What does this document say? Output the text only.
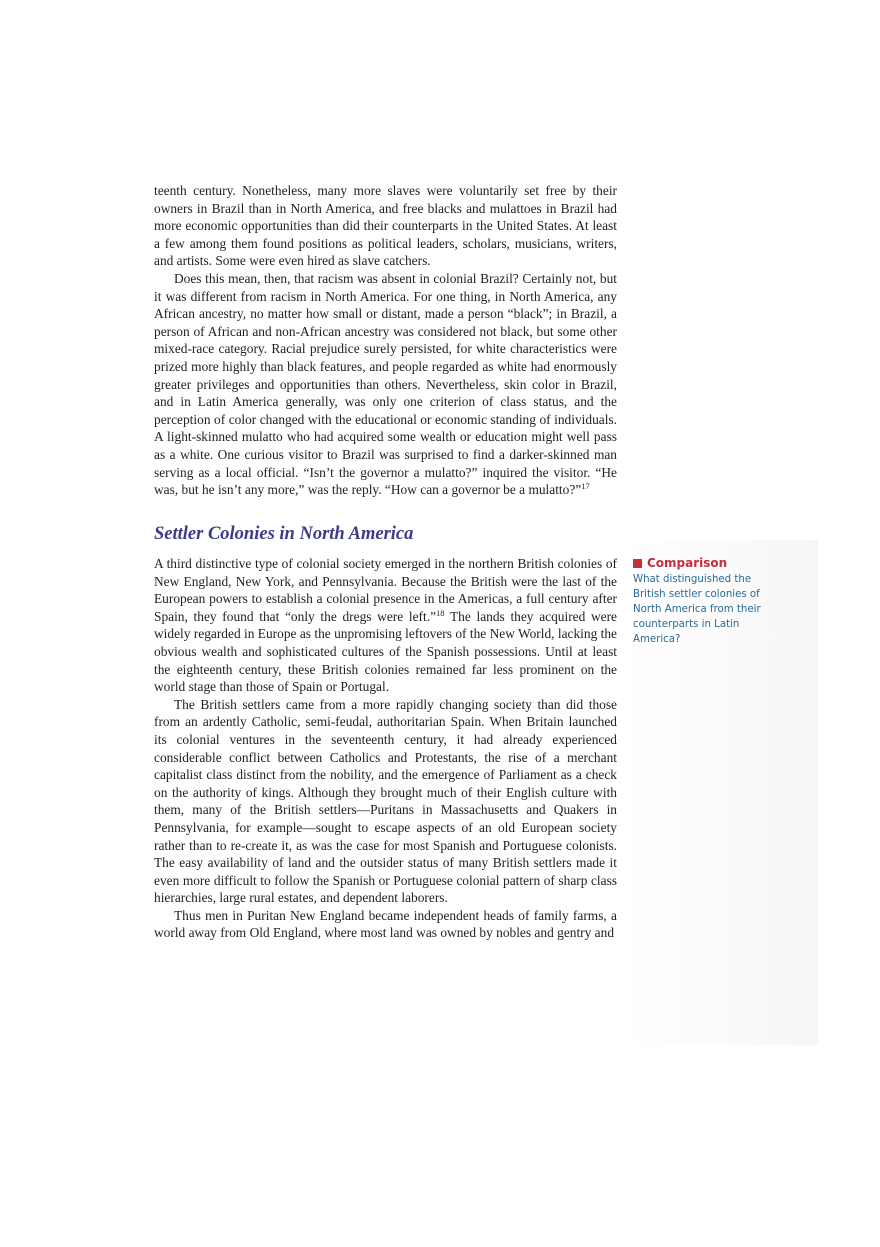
teenth century. Nonetheless, many more slaves were voluntarily set free by their owners in Brazil than in North America, and free blacks and mulattoes in Brazil had more economic opportunities than did their counterparts in the United States. At least a few among them found positions as political leaders, scholars, musicians, writers, and artists. Some were even hired as slave catchers.

Does this mean, then, that racism was absent in colonial Brazil? Certainly not, but it was different from racism in North America. For one thing, in North America, any African ancestry, no matter how small or distant, made a person “black”; in Brazil, a person of African and non-African ancestry was considered not black, but some other mixed-race category. Racial prejudice surely persisted, for white characteristics were prized more highly than black features, and people regarded as white had enormously greater privileges and opportunities than others. Nevertheless, skin color in Brazil, and in Latin America generally, was only one criterion of class status, and the perception of color changed with the educational or economic standing of individuals. A light-skinned mulatto who had acquired some wealth or education might well pass as a white. One curious visitor to Brazil was surprised to find a darker-skinned man serving as a local official. “Isn’t the governor a mulatto?” inquired the visitor. “He was, but he isn’t any more,” was the reply. “How can a governor be a mulatto?”$^{17}$

Settler Colonies in North America

A third distinctive type of colonial society emerged in the northern British colonies of New England, New York, and Pennsylvania. Because the British were the last of the European powers to establish a colonial presence in the Americas, a full century after Spain, they found that “only the dregs were left.”$^{18}$ The lands they acquired were widely regarded in Europe as the unpromising leftovers of the New World, lacking the obvious wealth and sophisticated cultures of the Spanish possessions. Until at least the eighteenth century, these British colonies remained far less prominent on the world stage than those of Spain or Portugal.

The British settlers came from a more rapidly changing society than did those from an ardently Catholic, semi-feudal, authoritarian Spain. When Britain launched its colonial ventures in the seventeenth century, it had already experienced considerable conflict between Catholics and Protestants, the rise of a merchant capitalist class distinct from the nobility, and the emergence of Parliament as a check on the authority of kings. Although they brought much of their English culture with them, many of the British settlers—Puritans in Massachusetts and Quakers in Pennsylvania, for example—sought to escape aspects of an old European society rather than to re-create it, as was the case for most Spanish and Portuguese colonists. The easy availability of land and the outsider status of many British settlers made it even more difficult to follow the Spanish or Portuguese colonial pattern of sharp class hierarchies, large rural estates, and dependent laborers.

Thus men in Puritan New England became independent heads of family farms, a world away from Old England, where most land was owned by nobles and gentry and

Comparison
What distinguished the British settler colonies of North America from their counterparts in Latin America?
